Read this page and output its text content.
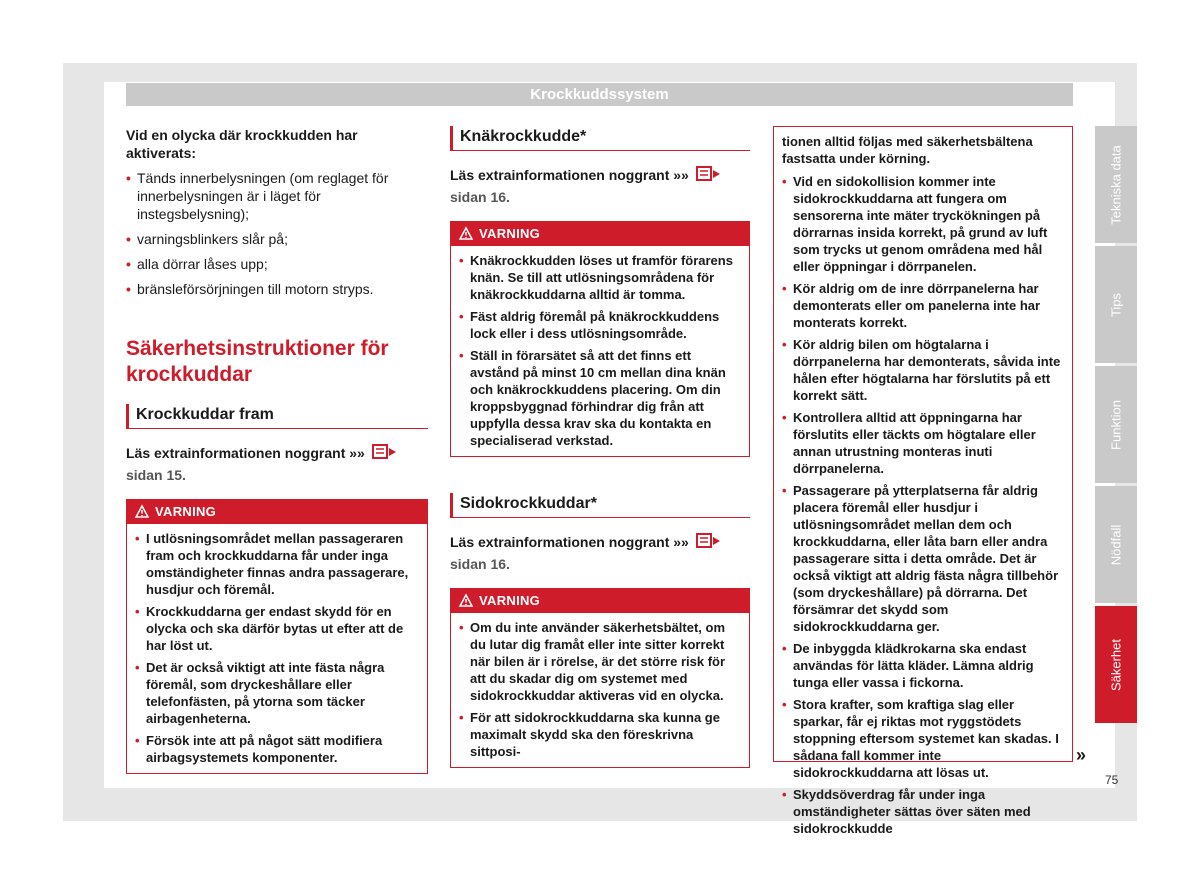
Krockkuddssystem

Vid en olycka där krockkudden har aktiverats:

• Tänds innerbelysningen (om reglaget för innerbelysningen är i läget för instegsbelysning);
• varningsblinkers slår på;
• alla dörrar låses upp;
• bränsleförsörjningen till motorn stryps.
Säkerhetsinstruktioner för krockkuddar
Krockkuddar fram

Läs extrainformationen noggrant »»  sidan 15.

VARNING
• I utlösningsområdet mellan passageraren fram och krockkuddarna får under inga omständigheter finnas andra passagerare, husdjur och föremål.
• Krockkuddarna ger endast skydd för en olycka och ska därför bytas ut efter att de har löst ut.
• Det är också viktigt att inte fästa några föremål, som dryckeshållare eller telefonfästen, på ytorna som täcker airbagenheterna.
• Försök inte att på något sätt modifiera airbagsystemets komponenter.
Knäkrockkudde*

Läs extrainformationen noggrant »»  sidan 16.

VARNING
• Knäkrockkudden löses ut framför förarens knän. Se till att utlösningsområdena för knäkrockkuddarna alltid är tomma.
• Fäst aldrig föremål på knäkrockkuddens lock eller i dess utlösningsområde.
• Ställ in förarsätet så att det finns ett avstånd på minst 10 cm mellan dina knän och knäkrockkuddens placering. Om din kroppsbyggnad förhindrar dig från att uppfylla dessa krav ska du kontakta en specialiserad verkstad.
Sidokrockkuddar*

Läs extrainformationen noggrant »»  sidan 16.

VARNING
• Om du inte använder säkerhetsbältet, om du lutar dig framåt eller inte sitter korrekt när bilen är i rörelse, är det större risk för att du skadar dig om systemet med sidokrockkuddar aktiveras vid en olycka.
• För att sidokrockkuddarna ska kunna ge maximalt skydd ska den föreskrivna sittposi-

tionen alltid följas med säkerhetsbältena fastsatta under körning.

• Vid en sidokollision kommer inte sidokrockkuddarna att fungera om sensorerna inte mäter tryckökningen på dörrarnas insida korrekt, på grund av luft som trycks ut genom områdena med hål eller öppningar i dörrpanelen.
• Kör aldrig om de inre dörrpanelerna har demonterats eller om panelerna inte har monterats korrekt.
• Kör aldrig bilen om högtalarna i dörrpanelerna har demonterats, såvida inte hålen efter högtalarna har förslutits på ett korrekt sätt.
• Kontrollera alltid att öppningarna har förslutits eller täckts om högtalare eller annan utrustning monteras inuti dörrpanelerna.
• Passagerare på ytterplatserna får aldrig placera föremål eller husdjur i utlösningsområdet mellan dem och krockkuddarna, eller låta barn eller andra passagerare sitta i detta område. Det är också viktigt att aldrig fästa några tillbehör (som dryckeshållare) på dörrarna. Det försämrar det skydd som sidokrockkuddarna ger.
• De inbyggda klädkrokarna ska endast användas för lätta kläder. Lämna aldrig tunga eller vassa i fickorna.
• Stora krafter, som kraftiga slag eller sparkar, får ej riktas mot ryggstödets stoppning eftersom systemet kan skadas. I sådana fall kommer inte sidokrockkuddarna att lösas ut.
• Skyddsöverdrag får under inga omständigheter sättas över säten med sidokrockkudde
»
Tekniska data
Tips
Funktion
Nödfall
Säkerhet
75
